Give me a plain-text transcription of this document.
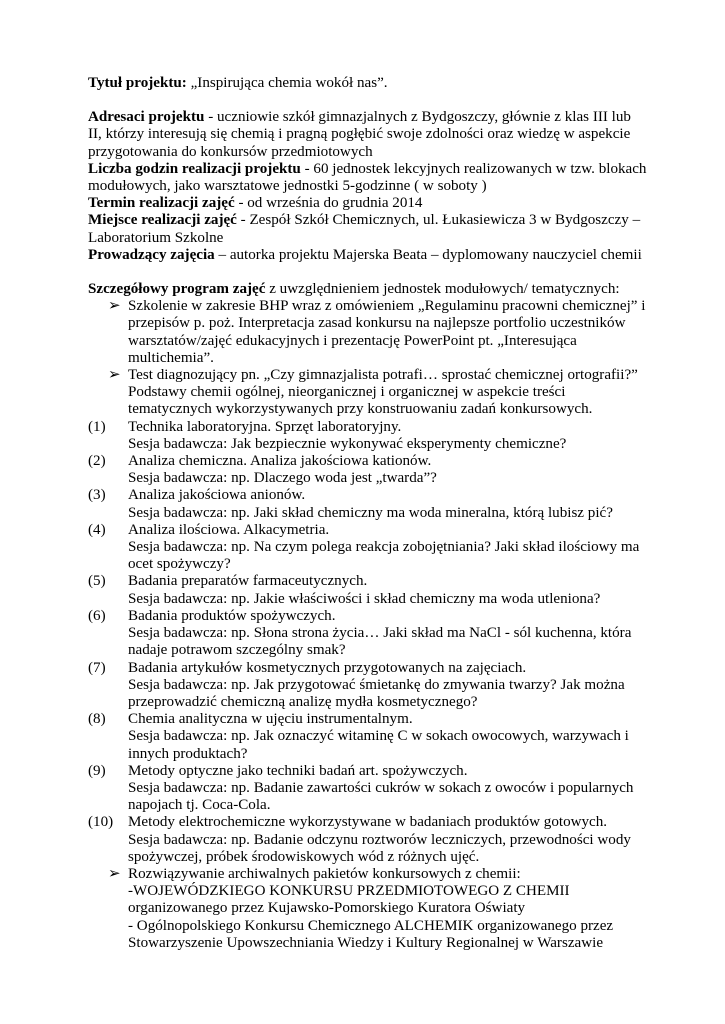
Tytuł projektu: „Inspirująca chemia wokół nas”.

Adresaci projektu - uczniowie szkół gimnazjalnych z Bydgoszczy, głównie z klas III lub II, którzy interesują się chemią i pragną pogłębić swoje zdolności oraz wiedzę w aspekcie przygotowania do konkursów przedmiotowych

Liczba godzin realizacji projektu - 60 jednostek lekcyjnych realizowanych w tzw. blokach modułowych, jako warsztatowe jednostki 5-godzinne ( w soboty )

Termin realizacji zajęć - od września do grudnia 2014

Miejsce realizacji zajęć - Zespół Szkół Chemicznych, ul. Łukasiewicza 3 w Bydgoszczy – Laboratorium Szkolne

Prowadzący zajęcia – autorka projektu Majerska Beata – dyplomowany nauczyciel chemii

Szczegółowy program zajęć z uwzględnieniem jednostek modułowych/ tematycznych:

➢ Szkolenie w zakresie BHP wraz z omówieniem „Regulaminu pracowni chemicznej” i przepisów p. poż. Interpretacja zasad konkursu na najlepsze portfolio uczestników warsztatów/zajęć edukacyjnych i prezentację PowerPoint pt. „Interesująca multichemia”.

➢ Test diagnozujący pn. „Czy gimnazjalista potrafi… sprostać chemicznej ortografii?” Podstawy chemii ogólnej, nieorganicznej i organicznej w aspekcie treści tematycznych wykorzystywanych przy konstruowaniu zadań konkursowych.

(1) Technika laboratoryjna. Sprzęt laboratoryjny.
Sesja badawcza: Jak bezpiecznie wykonywać eksperymenty chemiczne?
(2) Analiza chemiczna. Analiza jakościowa kationów.
Sesja badawcza: np. Dlaczego woda jest „twarda”?
(3) Analiza jakościowa anionów.
Sesja badawcza: np. Jaki skład chemiczny ma woda mineralna, którą lubisz pić?
(4) Analiza ilościowa. Alkacymetria.
Sesja badawcza: np. Na czym polega reakcja zobojętniania? Jaki skład ilościowy ma ocet spożywczy?
(5) Badania preparatów farmaceutycznych.
Sesja badawcza: np. Jakie właściwości i skład chemiczny ma woda utleniona?
(6) Badania produktów spożywczych.
Sesja badawcza: np. Słona strona życia… Jaki skład ma NaCl - sól kuchenna, która nadaje potrawom szczególny smak?
(7) Badania artykułów kosmetycznych przygotowanych na zajęciach.
Sesja badawcza: np. Jak przygotować śmietankę do zmywania twarzy? Jak można przeprowadzić chemiczną analizę mydła kosmetycznego?
(8) Chemia analityczna w ujęciu instrumentalnym.
Sesja badawcza: np. Jak oznaczyć witaminę C w sokach owocowych, warzywach i innych produktach?
(9) Metody optyczne jako techniki badań art. spożywczych.
Sesja badawcza: np. Badanie zawartości cukrów w sokach z owoców i popularnych napojach tj. Coca-Cola.
(10) Metody elektrochemiczne wykorzystywane w badaniach produktów gotowych.
Sesja badawcza: np. Badanie odczynu roztworów leczniczych, przewodności wody spożywczej, próbek środowiskowych wód z różnych ujęć.
➢ Rozwiązywanie archiwalnych pakietów konkursowych z chemii:
-WOJEWÓDZKIEGO KONKURSU PRZEDMIOTOWEGO Z CHEMII organizowanego przez Kujawsko-Pomorskiego Kuratora Oświaty
- Ogólnopolskiego Konkursu Chemicznego ALCHEMIK organizowanego przez Stowarzyszenie Upowszechniania Wiedzy i Kultury Regionalnej w Warszawie
